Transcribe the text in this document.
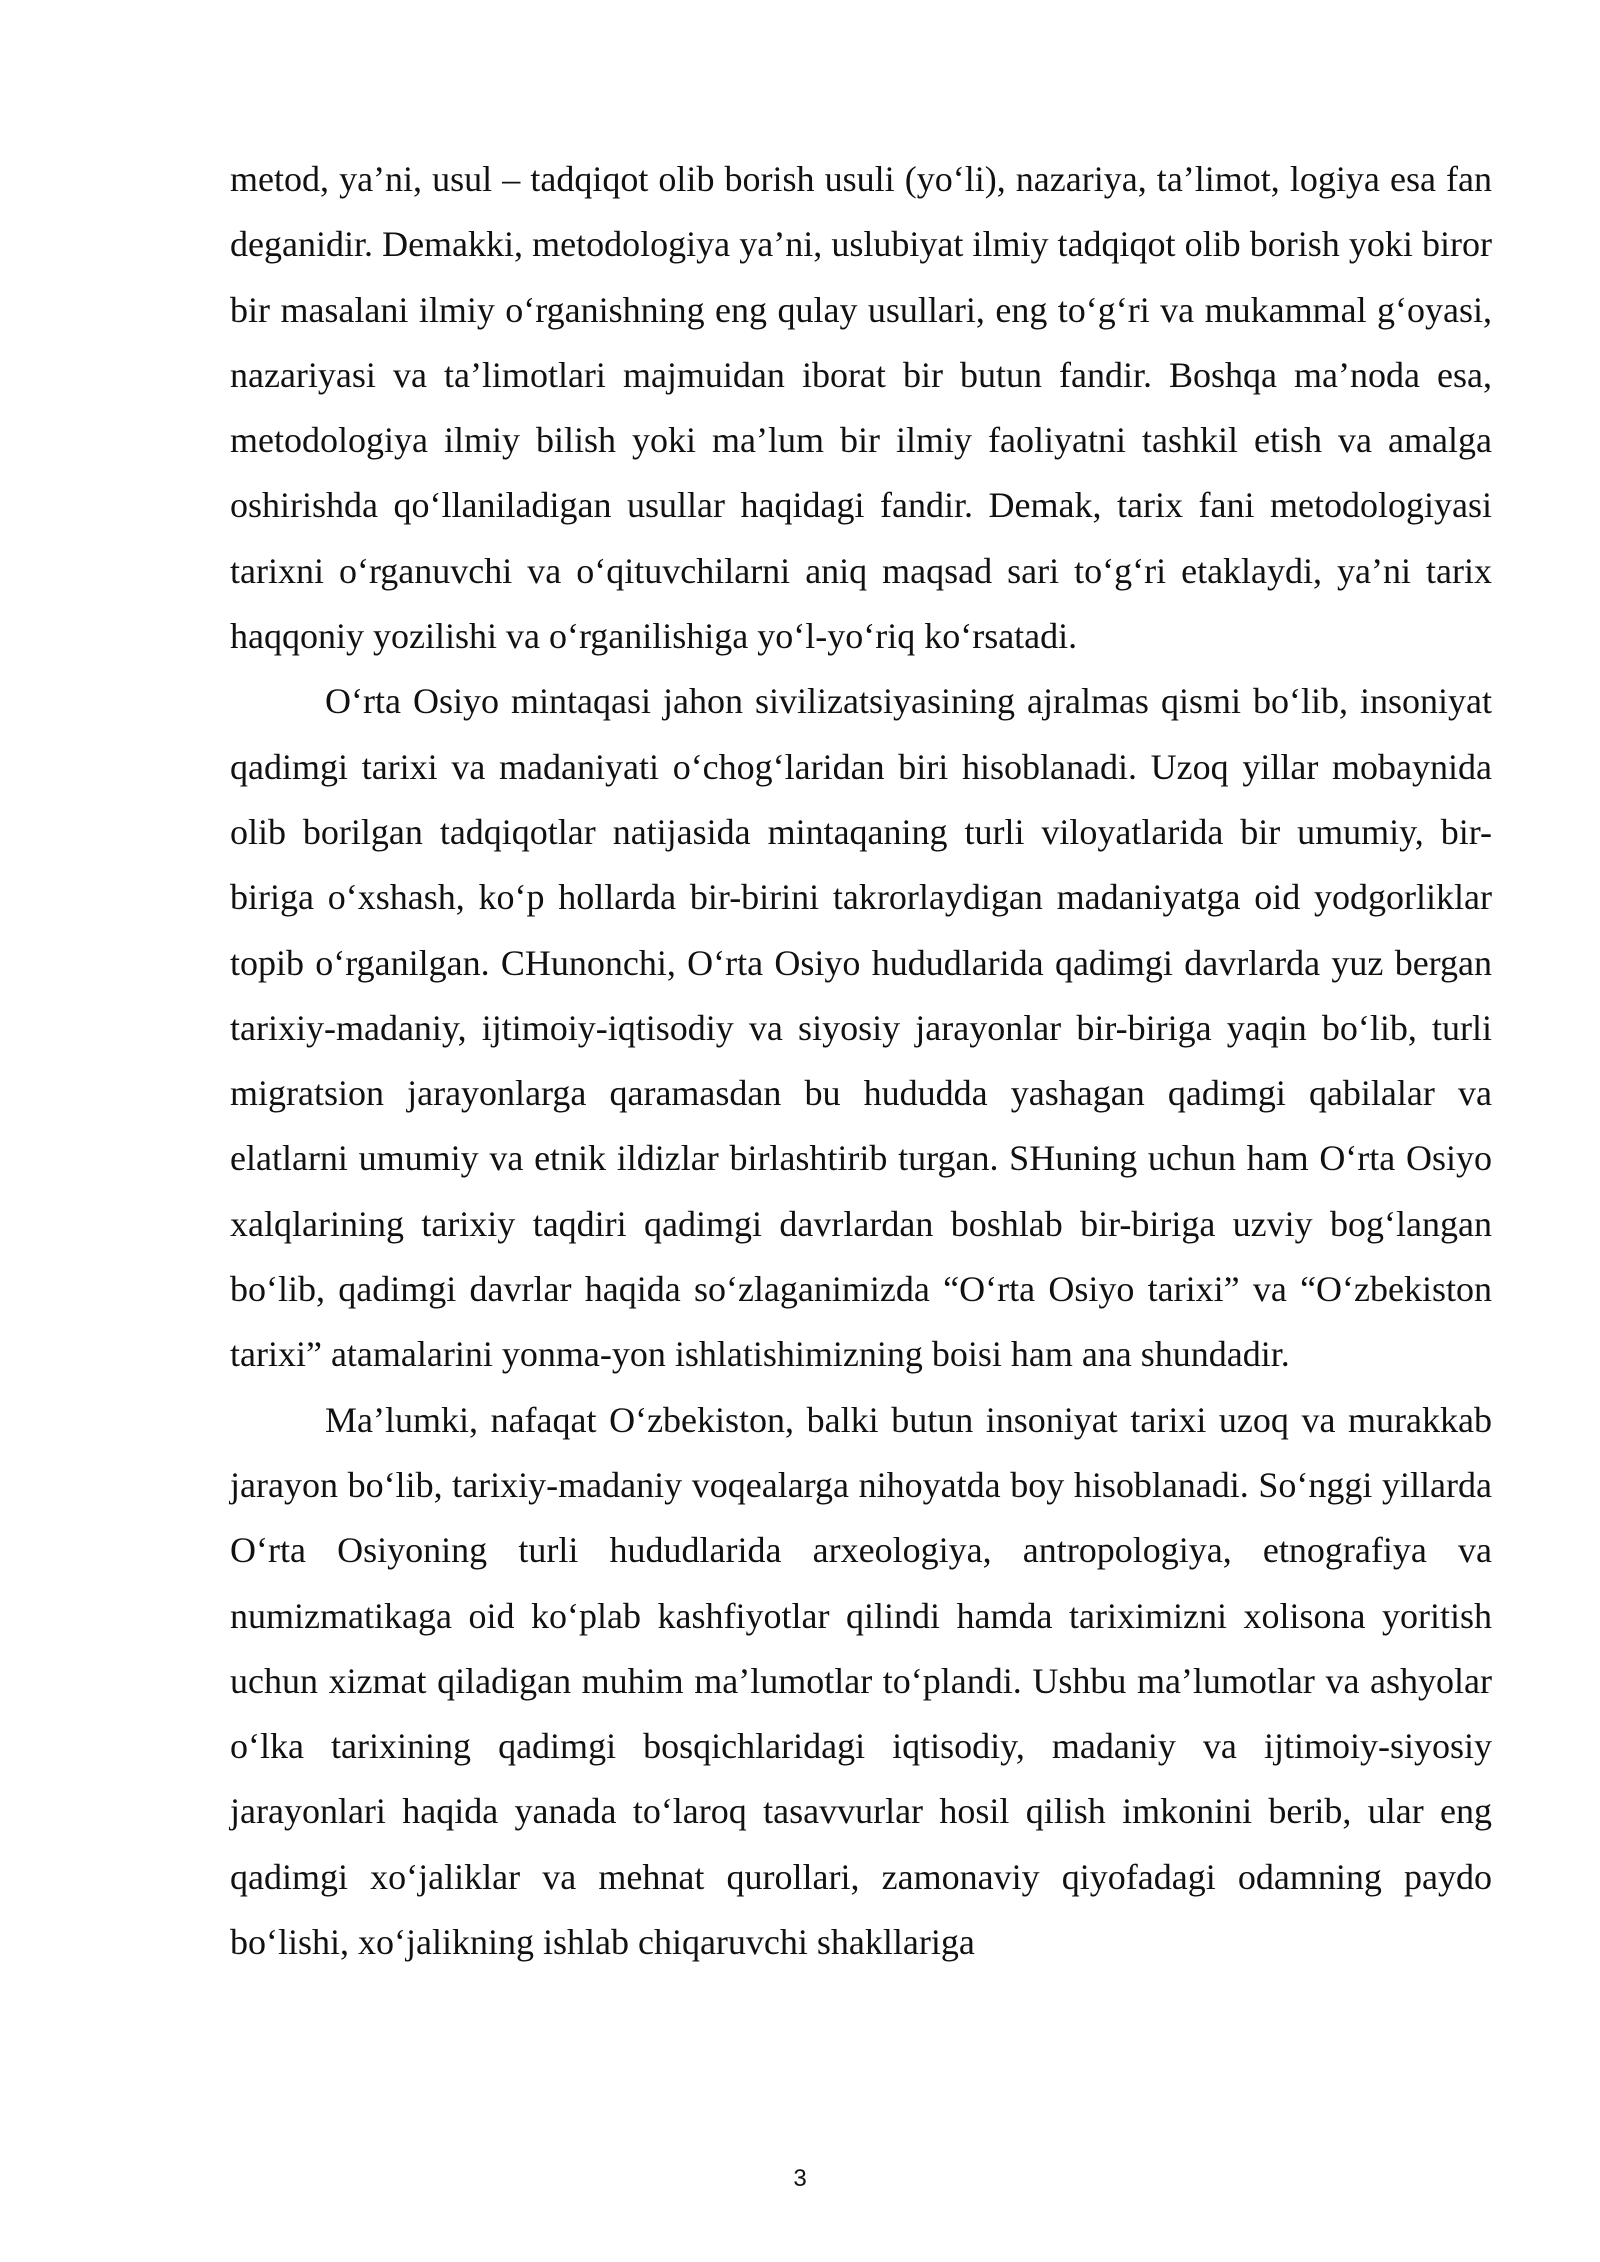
metod, ya’ni, usul – tadqiqot olib borish usuli (yo‘li), nazariya, ta’limot, logiya esa fan deganidir. Demakki, metodologiya ya’ni, uslubiyat ilmiy tadqiqot olib borish yoki biror bir masalani ilmiy o‘rganishning eng qulay usullari, eng to‘g‘ri va mukammal g‘oyasi, nazariyasi va ta’limotlari majmuidan iborat bir butun fandir. Boshqa ma’noda esa, metodologiya ilmiy bilish yoki ma’lum bir ilmiy faoliyatni tashkil etish va amalga oshirishda qo‘llaniladigan usullar haqidagi fandir. Demak, tarix fani metodologiyasi tarixni o‘rganuvchi va o‘qituvchilarni aniq maqsad sari to‘g‘ri etaklaydi, ya’ni tarix haqqoniy yozilishi va o‘rganilishiga yo‘l-yo‘riq ko‘rsatadi.

O‘rta Osiyo mintaqasi jahon sivilizatsiyasining ajralmas qismi bo‘lib, insoniyat qadimgi tarixi va madaniyati o‘chog‘laridan biri hisoblanadi. Uzoq yillar mobaynida olib borilgan tadqiqotlar natijasida mintaqaning turli viloyatlarida bir umumiy, bir-biriga o‘xshash, ko‘p hollarda bir-birini takrorlaydigan madaniyatga oid yodgorliklar topib o‘rganilgan. CHunonchi, O‘rta Osiyo hududlarida qadimgi davrlarda yuz bergan tarixiy-madaniy, ijtimoiy-iqtisodiy va siyosiy jarayonlar bir-biriga yaqin bo‘lib, turli migratsion jarayonlarga qaramasdan bu hududda yashagan qadimgi qabilalar va elatlarni umumiy va etnik ildizlar birlashtirib turgan. SHuning uchun ham O‘rta Osiyo xalqlarining tarixiy taqdiri qadimgi davrlardan boshlab bir-biriga uzviy bog‘langan bo‘lib, qadimgi davrlar haqida so‘zlaganimizda “O‘rta Osiyo tarixi” va “O‘zbekiston tarixi” atamalarini yonma-yon ishlatishimizning boisi ham ana shundadir.

Ma’lumki, nafaqat O‘zbekiston, balki butun insoniyat tarixi uzoq va murakkab jarayon bo‘lib, tarixiy-madaniy voqealarga nihoyatda boy hisoblanadi. So‘nggi yillarda O‘rta Osiyoning turli hududlarida arxeologiya, antropologiya, etnografiya va numizmatikaga oid ko‘plab kashfiyotlar qilindi hamda tariximizni xolisona yoritish uchun xizmat qiladigan muhim ma’lumotlar to‘plandi. Ushbu ma’lumotlar va ashyolar o‘lka tarixining qadimgi bosqichlaridagi iqtisodiy, madaniy va ijtimoiy-siyosiy jarayonlari haqida yanada to‘laroq tasavvurlar hosil qilish imkonini berib, ular eng qadimgi xo‘jaliklar va mehnat qurollari, zamonaviy qiyofadagi odamning paydo bo‘lishi, xo‘jalikning ishlab chiqaruvchi shakllariga

3
